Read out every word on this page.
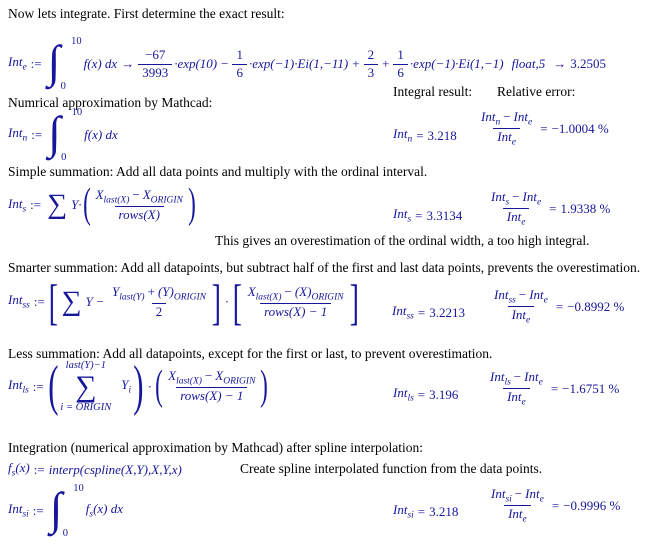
Now lets integrate. First determine the exact result:
Int$_e$ := ∫ 10
0
f(x) dx → $\frac{-67}{3993} \cdot\exp(10) - \frac{1}{6} \cdot\exp(-1)\cdot Ei(1,-11) + \frac{2}{3} + \frac{1}{6} \cdot\exp(-1)\cdot Ei(1,-1)$ float,5 → 3.2505
Integral result: Relative error:
Numrical approximation by Mathcad:
Int$_n$ := ∫ 10
0
f(x) dx	$Int_n = 3.218 \frac{Int_n - Int_e}{Int_e} = -1.0004$ %
Simple summation: Add all data points and multiply with the ordinal interval.
Int$_s$ := ∑ Y· ( $\frac{X_{last(X)} - X_{ORIGIN}}{\text{rows(X)}}$ )	$Int_s = 3.3134 \frac{Int_s - Int_e}{Int_e} = 1.9338$ %
This gives an overestimation of the ordinal width, a too high integral.
Smarter summation: Add all datapoints, but subtract half of the first and last data points, prevents the overestimation.
Int$_{ss}$ := [ ∑ $Y - \frac{Y_{last(Y)} + (Y)_{ORIGIN}}{2}$ ] · [ $\frac{X_{last(X)} - (X)_{ORIGIN}}{\text{rows(X) − 1}}$ ]	$Int_{ss} = 3.2213 \frac{Int_{ss} - Int_e}{Int_e} = -0.8992$ %
Less summation: Add all datapoints, except for the first or last, to prevent overestimation.
Int$_{ls}$ := ( last(Y)−1
∑
i = ORIGIN
$Y_i$ ) · ( $\frac{X_{last(X)} - X_{ORIGIN}}{\text{rows(X) − 1}}$ )	$Int_{ls} = 3.196 \frac{Int_{ls} - Int_e}{Int_e} = -1.6751$ %
Integration (numerical approximation by Mathcad) after spline interpolation:
$f_s(x)$ := interp(cspline(X,Y),X,Y,x)	Create spline interpolated function from the data points.
Int$_{si}$ := ∫ 10
0
$f_s(x)$ dx	$Int_{si} = 3.218 \frac{Int_{si} - Int_e}{Int_e} = -0.9996$ %
